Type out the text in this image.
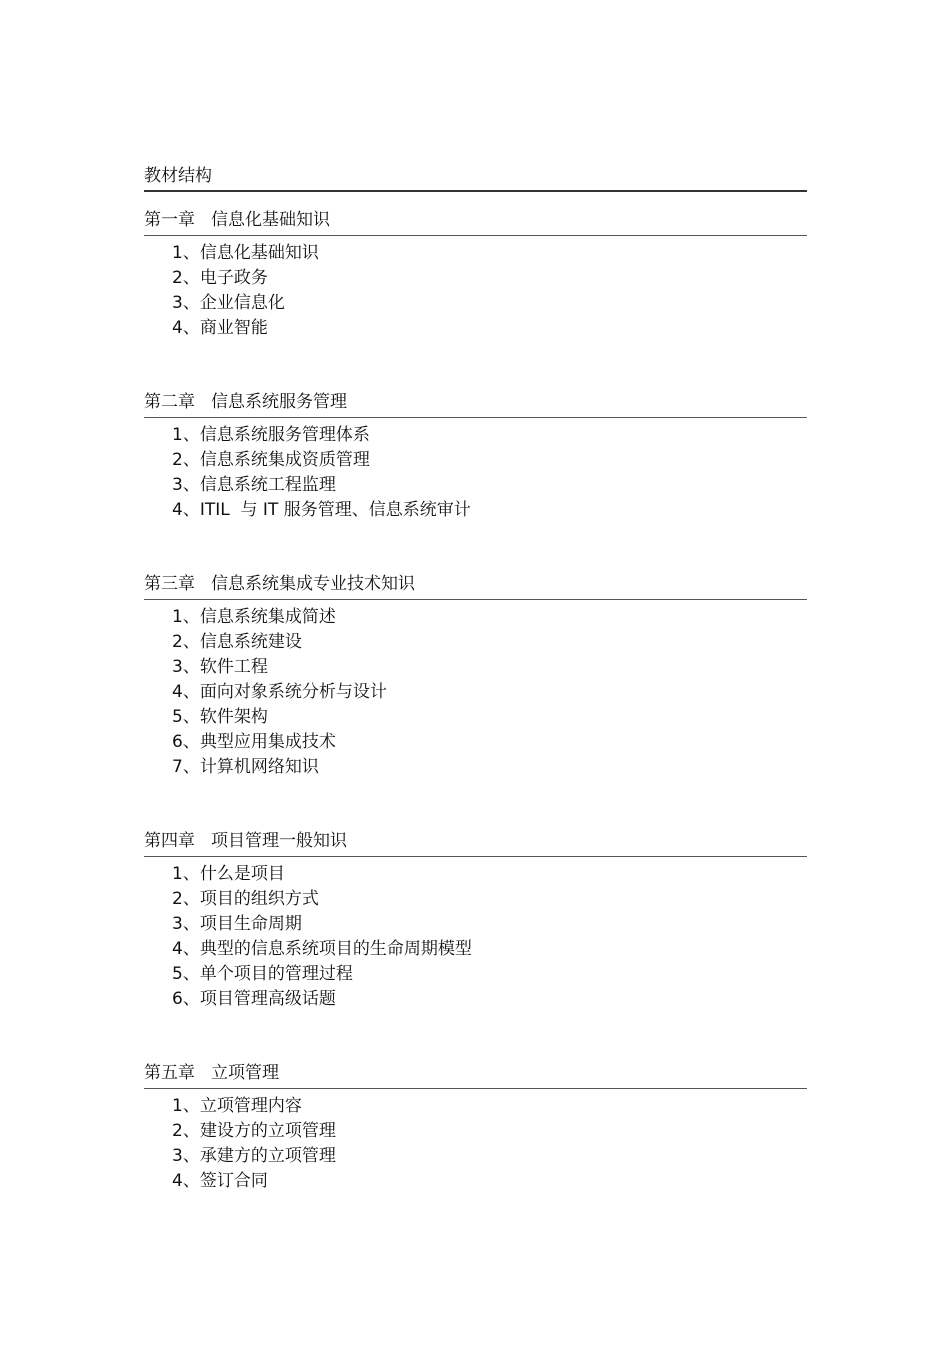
教材结构
第一章 信息化基础知识
1、信息化基础知识
2、电子政务
3、企业信息化
4、商业智能
第二章 信息系统服务管理
1、信息系统服务管理体系
2、信息系统集成资质管理
3、信息系统工程监理
4、ITIL  与 IT 服务管理、信息系统审计
第三章 信息系统集成专业技术知识
1、信息系统集成简述
2、信息系统建设
3、软件工程
4、面向对象系统分析与设计
5、软件架构
6、典型应用集成技术
7、计算机网络知识
第四章 项目管理一般知识
1、什么是项目
2、项目的组织方式
3、项目生命周期
4、典型的信息系统项目的生命周期模型
5、单个项目的管理过程
6、项目管理高级话题
第五章 立项管理
1、立项管理内容
2、建设方的立项管理
3、承建方的立项管理
4、签订合同
